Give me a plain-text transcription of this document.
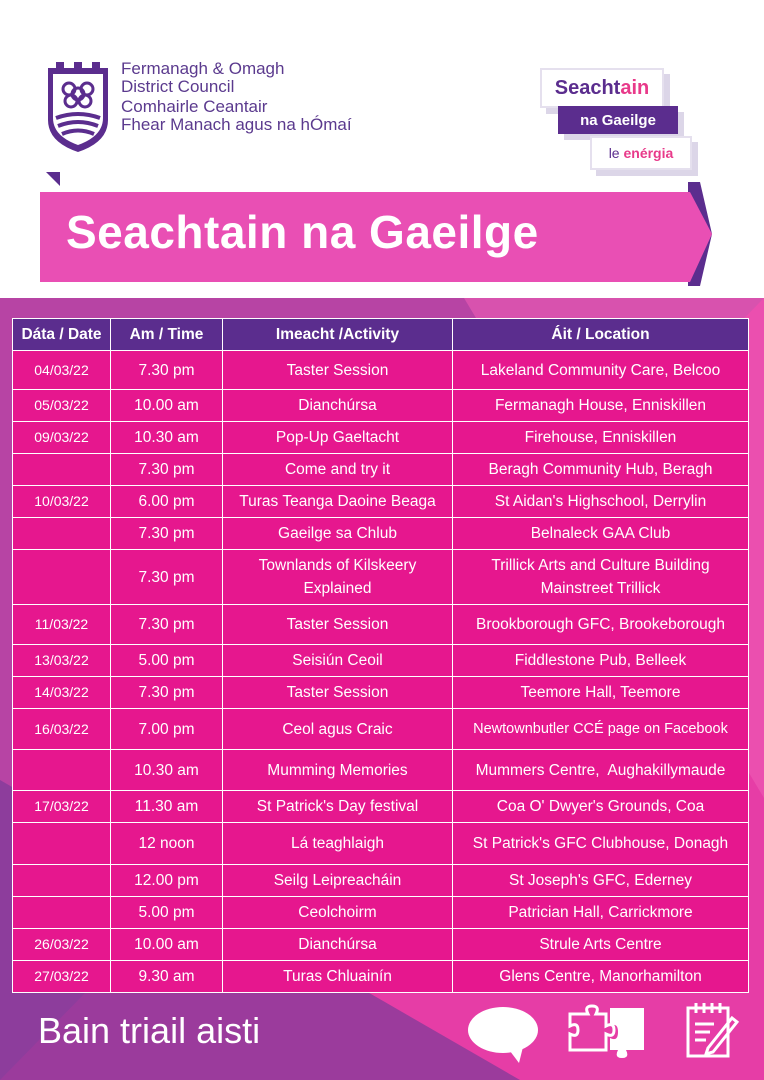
Fermanagh & Omagh
District Council
Comhairle Ceantair
Fhear Manach agus na hÓmaí
Seacht ain
na Gaeilge
le
enérgia
Seachtain na Gaeilge
Dáta / Date	Am / Time	Imeacht /Activity	Áit / Location
04/03/22	7.30 pm	Taster Session	Lakeland Community Care, Belcoo
05/03/22	10.00 am	Dianchúrsa	Fermanagh House, Enniskillen
09/03/22	10.30 am	Pop-Up Gaeltacht	Firehouse, Enniskillen
	7.30 pm	Come and try it	Beragh Community Hub, Beragh
10/03/22	6.00 pm	Turas Teanga Daoine Beaga	St Aidan's Highschool, Derrylin
	7.30 pm	Gaeilge sa Chlub	Belnaleck GAA Club
	7.30 pm	Townlands of Kilskeery Explained	Trillick Arts and Culture Building Mainstreet Trillick
11/03/22	7.30 pm	Taster Session	Brookborough GFC, Brookeborough
13/03/22	5.00 pm	Seisiún Ceoil	Fiddlestone Pub, Belleek
14/03/22	7.30 pm	Taster Session	Teemore Hall, Teemore
16/03/22	7.00 pm	Ceol agus Craic	Newtownbutler CCÉ page on Facebook
	10.30 am	Mumming Memories	Mummers Centre,  Aughakillymaude
17/03/22	11.30 am	St Patrick's Day festival	Coa O' Dwyer's Grounds, Coa
	12 noon	Lá teaghlaigh	St Patrick's GFC Clubhouse, Donagh
	12.00 pm	Seilg Leipreacháin	St Joseph's GFC, Ederney
	5.00 pm	Ceolchoirm	Patrician Hall, Carrickmore
26/03/22	10.00 am	Dianchúrsa	Strule Arts Centre
27/03/22	9.30 am	Turas Chluainín	Glens Centre, Manorhamilton
Bain triail aisti
